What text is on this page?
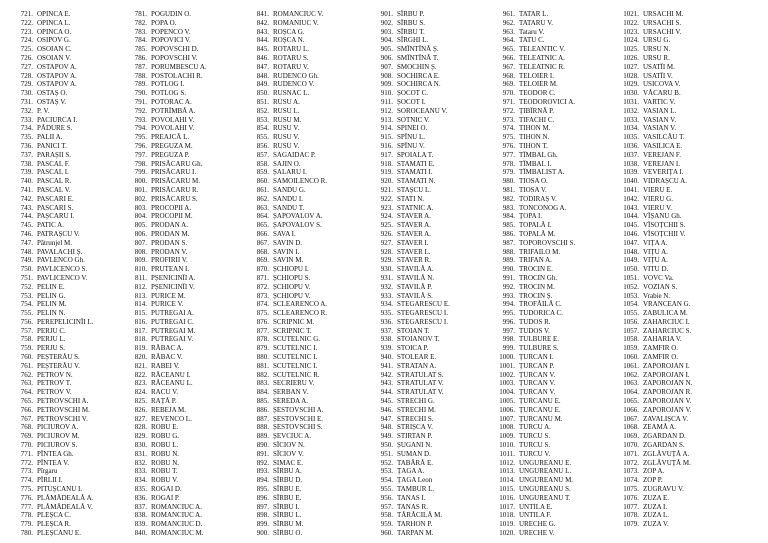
721. OPINCA E.
722. OPINCA L.
723. OPINCA O.
724. OSIPOV G.
725. OSOIAN C.
726. OSOIAN V.
727. OSTAPOV A.
728. OSTAPOV A.
729. OSTAPOV A.
730. OSTAȘ O.
731. OSTAȘ V.
732. P. V.
733. PACIURCA I.
734. PĂDURE S.
735. PALII A.
736. PANICI T.
737. PARAȘII S.
738. PASCAL F.
739. PASCAL I.
740. PASCAL R.
741. PASCAL V.
742. PASCARI E.
743. PASCARI S.
744. PAȘCARU I.
745. PATIC A.
746. PATRAȘCU V.
747. Pătrunjel M.
748. PAVALACHI Ș.
749. PAVLENCO Gh.
750. PAVLICENCO S.
751. PAVLICENCO V.
752. PELIN E.
753. PELIN G.
754. PELIN M.
755. PELIN N.
756. PEREPELICINÎI L.
757. PERJU C.
758. PERJU L.
759. PERJU S.
760. PEȘTERĂU S.
761. PEȘTERĂU V.
762. PETROV N.
763. PETROV T.
764. PETROV V.
765. PETROVSCHI A.
766. PETROVSCHI M.
767. PETROVSCHI V.
768. PICIUROV A.
769. PICIUROV M.
770. PICIUROV S.
771. PÎNTEA Gh.
772. PÎNTEA V.
773. Pîrgaru
774. PÎRLII I.
775. PITUȘCANU I.
776. PLĂMĂDEALĂ A.
777. PLĂMĂDEALĂ V.
778. PLEȘCA C.
779. PLEȘCA R.
780. PLEȘCANU E.
781. POGUDIN O.
782. POPA O.
783. POPENCO V.
784. POPOVICI V.
785. POPOVSCHI D.
786. POPOVSCHI V.
787. PORUMBESCU A.
788. POSTOLACHI R.
789. POTLOG I.
790. POTLOG S.
791. POTORAC A.
792. POTRÎMBĂ A.
793. POVOLAHI V.
794. POVOLAHI V.
795. PREAJCĂ L.
796. PREGUZA M.
797. PREGUZA P.
798. PRISĂCARU Gh.
799. PRISĂCARU I.
800. PRISĂCARU M.
801. PRISĂCARU R.
802. PRISĂCARU S.
803. PROCOPII A.
804. PROCOPII M.
805. PRODAN A.
806. PRODAN M.
807. PRODAN S.
808. PRODAN V.
809. PROFIRII V.
810. PRUTEAN I.
811. PȘENICINÎI A.
812. PȘENICINÎI V.
813. PURICE M.
814. PURICE V.
815. PUTREGAI A.
816. PUTREGAI C.
817. PUTREGAI M.
818. PUTREGAI V.
819. RĂBAC A.
820. RĂBAC V.
821. RABEI V.
822. RĂCEANU I.
823. RĂCEANU L.
824. RACU V.
825. RAȚĂ P.
826. REBEJA M.
827. REVENCO L.
828. ROBU E.
829. ROBU G.
830. ROBU L.
831. ROBU N.
832. ROBU N.
833. ROBU T.
834. ROBU V.
835. ROGAI D.
836. ROGAI P.
837. ROMANCIUC A.
838. ROMANCIUC A.
839. ROMANCIUC D.
840. ROMANCIUC M.
841. ROMANCIUC V.
842. ROMANIUC V.
843. ROȘCA G.
844. ROȘCA N.
845. ROTARU L.
846. ROTARU S.
847. ROTARU V.
848. RUDENCO Gh.
849. RUDENCO V.
850. RUSNAC L.
851. RUSU A.
852. RUSU L.
853. RUSU M.
854. RUSU V.
855. RUSU V.
856. RUSU V.
857. SAGAIDAC P.
858. SAJIN O.
859. ȘALARU I.
860. SAMOILENCO R.
861. SANDU G.
862. SANDU I.
863. SANDU T.
864. ȘAPOVALOV A.
865. ȘAPOVALOV S.
866. SAVA I.
867. SAVIN D.
868. SAVIN I.
869. SAVIN M.
870. ȘCHIOPU I.
871. ȘCHIOPU S.
872. ȘCHIOPU V.
873. ȘCHIOPU V.
874. SCLEARENCO A.
875. SCLEARENCO R.
876. SCRIPNIC M.
877. SCRIPNIC T.
878. SCUTELNIC G.
879. SCUTELNIC I.
880. SCUTELNIC I.
881. SCUTELNIC I.
882. SCUTELNIC R.
883. SECRIERU V.
884. ȘERBAN V.
885. SEREDA A.
886. ȘESTOVSCHI A.
887. ȘESTOVSCHI E.
888. ȘESTOVSCHI S.
889. ȘEVCIUC A.
890. SÎCIOV N.
891. SÎCIOV V.
892. SIMAC E.
893. SÎRBU A.
894. SÎRBU D.
895. SÎRBU E.
896. SÎRBU E.
897. SÎRBU I.
898. SÎRBU L.
899. SÎRBU M.
900. SÎRBU O.
901. SÎRBU P.
902. SÎRBU S.
903. SÎRBU T.
904. SÎRGHI L.
905. SMÎNTÎNĂ Ș.
906. SMÎNTÎNĂ T.
907. SMOCHIN Ș.
908. SOCHIRCA E.
909. SOCHIRCA N.
910. ȘOCOT C.
911. ȘOCOT I.
912. SOROCEANU V.
913. SOTNIC V.
914. SPINEI O.
915. SPÎNU L.
916. SPÎNU V.
917. SPOIALA T.
918. STAMATI E.
919. STAMATI I.
920. STAMATI N.
921. STAȘCU L.
922. STATI N.
923. STATNIC A.
924. STAVER A.
925. STAVER A.
926. STAVER A.
927. STAVER I.
928. STAVER L.
929. STAVER R.
930. STAVILĂ A.
931. STAVILĂ N.
932. STAVILĂ P.
933. STAVILĂ S.
934. STEGARESCU E.
935. STEGARESCU I.
936. STEGARESCU I.
937. STOIAN T.
938. STOIANOV T.
939. STOICA P.
940. STOLEAR E.
941. STRATAN A.
942. STRATULAT S.
943. STRATULAT V.
944. STRATULAT V.
945. STRECHI G.
946. STRECHI M.
947. STRECHI S.
948. STRIȘCA V.
949. STIRTAN P.
950. ȘUGANI N.
951. SUMAN D.
952. TABĂRĂ E.
953. ȚAGA A.
954. ȚAGA Leon
955. TAMBUR L.
956. TANAS I.
957. TANAS R.
958. TĂRĂCILĂ M.
959. TARHON P.
960. TARPAN M.
961. TATAR L.
962. TATARU V.
963. Tataru V.
964. TATU C.
965. TELEANTIC V.
966. TELEATNIC A.
967. TELEATNIC R.
968. TELOIER I.
969. TELOIER M.
970. TEODOR C.
971. TEODOROVICI A.
972. ȚIBÎRNĂ P.
973. TIFACHI C.
974. TIHON M.
975. TIHON N.
976. TIHON T.
977. TÎMBAL Gh.
978. TÎMBAL I.
979. TÎMBALIST A.
980. TIOSA O.
981. TIOSA V.
982. TODIRAȘ V.
983. TONCONOG A.
984. ȚOPA I.
985. TOPALĂ I.
986. TOPALĂ M.
987. TOPOROVSCHI S.
988. TRIFAILO M.
989. TRIFAN A.
990. TROCIN E.
991. TROCIN Gh.
992. TROCIN M.
993. TROCIN Ș.
994. TROFĂILĂ C.
995. TUDORICA C.
996. TUDOS R.
997. TUDOS V.
998. TULBURE E.
999. TULBURE S.
1000. ȚURCAN I.
1001. ȚURCAN P.
1002. ȚURCAN V.
1003. ȚURCAN V.
1004. ȚURCAN V.
1005. ȚURCANU E.
1006. ȚURCANU E.
1007. ȚURCANU M.
1008. TURCU A.
1009. TURCU S.
1010. TURCU S.
1011. TURCU V.
1012. UNGUREANU E.
1013. UNGUREANU L.
1014. UNGUREANU M.
1015. UNGUREANU S.
1016. UNGUREANU T.
1017. UNTILA E.
1018. UNTILA F.
1019. URECHE G.
1020. URECHE V.
1021. URSACHI M.
1022. URSACHI S.
1023. URSACHI V.
1024. URSU G.
1025. URSU N.
1026. URSU R.
1027. USATÎI M.
1028. USATÎI V.
1029. USICOVA V.
1030. VĂCARU B.
1031. VARTIC V.
1032. VASIAN L.
1033. VASIAN V.
1034. VASIAN V.
1035. VASILCĂU T.
1036. VASILICA E.
1037. VEREJAN F.
1038. VEREJAN I.
1039. VEVERIȚA I.
1040. VIDRAȘCU A.
1041. VIERU E.
1042. VIERU G.
1043. VIERU V.
1044. VÎȘANU Gh.
1045. VÎSOȚCHII S.
1046. VÎSOȚCHII V.
1047. VIȚA A.
1048. VIȚU A.
1049. VIȚU A.
1050. VITU D.
1051. VOVC Va.
1052. VOZIAN S.
1053. Vrabie N.
1054. VRANCEAN G.
1055. ZABULICA M.
1056. ZAHARCIUC I.
1057. ZAHARCIUC S.
1058. ZAHARIA V.
1059. ZAMFIR O.
1060. ZAMFIR O.
1061. ZAPOROJAN I.
1062. ZAPOROJAN I.
1063. ZAPOROJAN N.
1064. ZAPOROJAN R.
1065. ZAPOROJAN V.
1066. ZAPOROJAN V.
1067. ZAVALIȘCA V.
1068. ZEAMĂ A.
1069. ZGARDAN D.
1070. ZGARDAN S.
1071. ZGLĂVUȚĂ A.
1072. ZGLĂVUȚĂ M.
1073. ZOP A.
1074. ZOP P.
1075. ZUGRAVU V.
1076. ZUZA E.
1077. ZUZA I.
1078. ZUZA L.
1079. ZUZA V.
